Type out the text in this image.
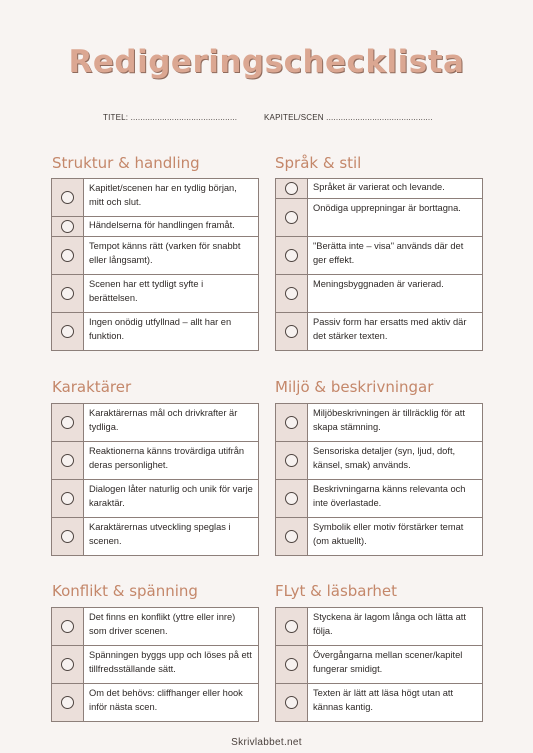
Redigeringschecklista
TITEL: ............................................	KAPITEL/SCEN ............................................
Struktur & handling
Kapitlet/scenen har en tydlig början, mitt och slut.
Händelserna för handlingen framåt.
Tempot känns rätt (varken för snabbt eller långsamt).
Scenen har ett tydligt syfte i berättelsen.
Ingen onödig utfyllnad – allt har en funktion.
Språk & stil
Språket är varierat och levande.
Onödiga upprepningar är borttagna.
"Berätta inte – visa" används där det ger effekt.
Meningsbyggnaden är varierad.
Passiv form har ersatts med aktiv där det stärker texten.
Karaktärer
Karaktärernas mål och drivkrafter är tydliga.
Reaktionerna känns trovärdiga utifrån deras personlighet.
Dialogen låter naturlig och unik för varje karaktär.
Karaktärernas utveckling speglas i scenen.
Miljö & beskrivningar
Miljöbeskrivningen är tillräcklig för att skapa stämning.
Sensoriska detaljer (syn, ljud, doft, känsel, smak) används.
Beskrivningarna känns relevanta och inte överlastade.
Symbolik eller motiv förstärker temat (om aktuellt).
Konflikt & spänning
Det finns en konflikt (yttre eller inre) som driver scenen.
Spänningen byggs upp och löses på ett tillfredsställande sätt.
Om det behövs: cliffhanger eller hook inför nästa scen.
FLyt & läsbarhet
Styckena är lagom långa och lätta att följa.
Övergångarna mellan scener/kapitel fungerar smidigt.
Texten är lätt att läsa högt utan att kännas kantig.
Skrivlabbet.net
